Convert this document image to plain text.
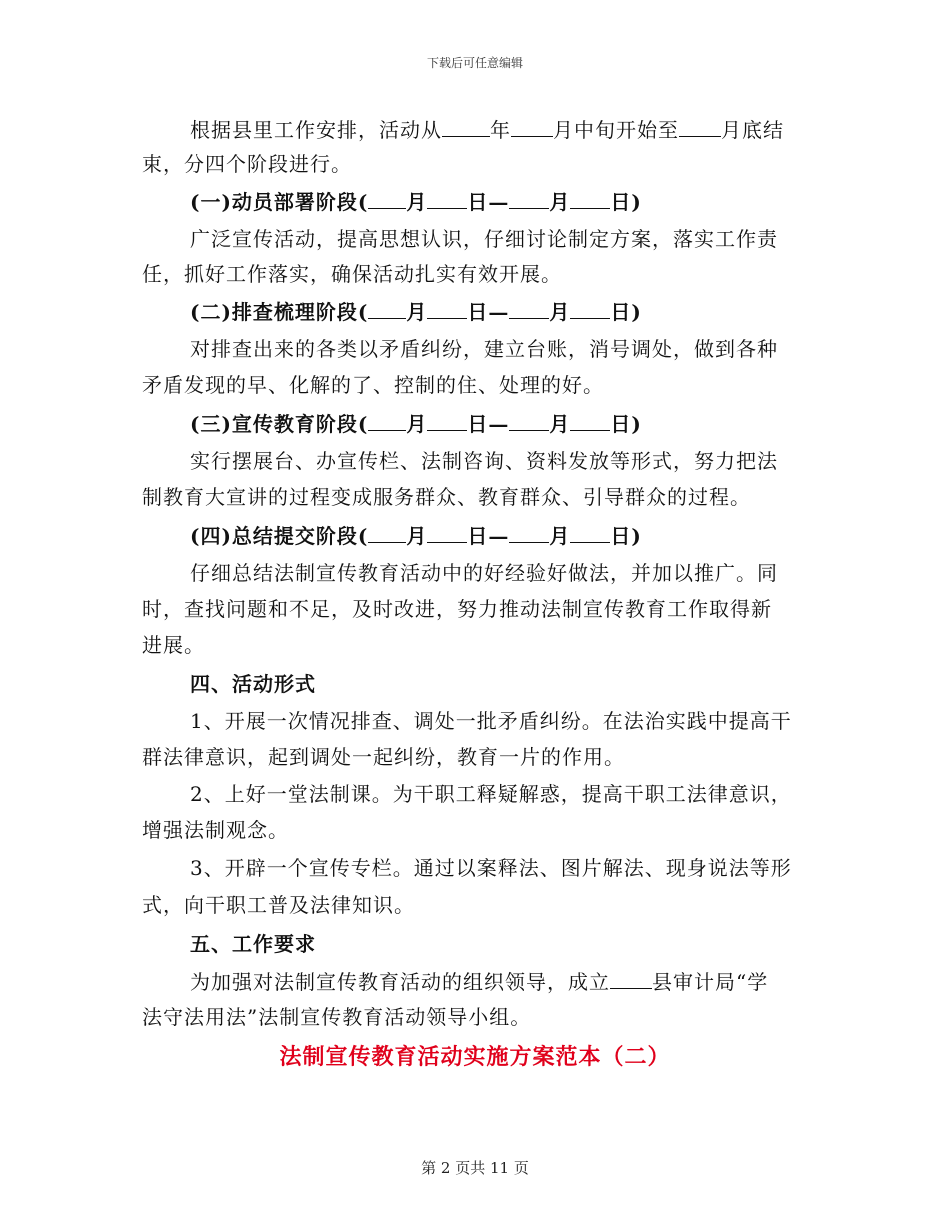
下载后可任意编辑
根据县里工作安排，活动从 年 月中旬开始至 月底结
束，分四个阶段进行。
(一)动员部署阶段( 月 日— 月 日)
广泛宣传活动，提高思想认识，仔细讨论制定方案，落实工作责
任，抓好工作落实，确保活动扎实有效开展。
(二)排查梳理阶段( 月 日— 月 日)
对排查出来的各类以矛盾纠纷，建立台账，消号调处，做到各种
矛盾发现的早、化解的了、控制的住、处理的好。
(三)宣传教育阶段( 月 日— 月 日)
实行摆展台、办宣传栏、法制咨询、资料发放等形式，努力把法
制教育大宣讲的过程变成服务群众、教育群众、引导群众的过程。
(四)总结提交阶段( 月 日— 月 日)
仔细总结法制宣传教育活动中的好经验好做法，并加以推广。同
时，查找问题和不足，及时改进，努力推动法制宣传教育工作取得新
进展。
四、活动形式
1、开展一次情况排查、调处一批矛盾纠纷。在法治实践中提高干
群法律意识，起到调处一起纠纷，教育一片的作用。
2、上好一堂法制课。为干职工释疑解惑，提高干职工法律意识，
增强法制观念。
3、开辟一个宣传专栏。通过以案释法、图片解法、现身说法等形
式，向干职工普及法律知识。
五、工作要求
为加强对法制宣传教育活动的组织领导，成立 县审计局“学
法守法用法”法制宣传教育活动领导小组。
法制宣传教育活动实施方案范本（二）
第 2 页共 11 页
